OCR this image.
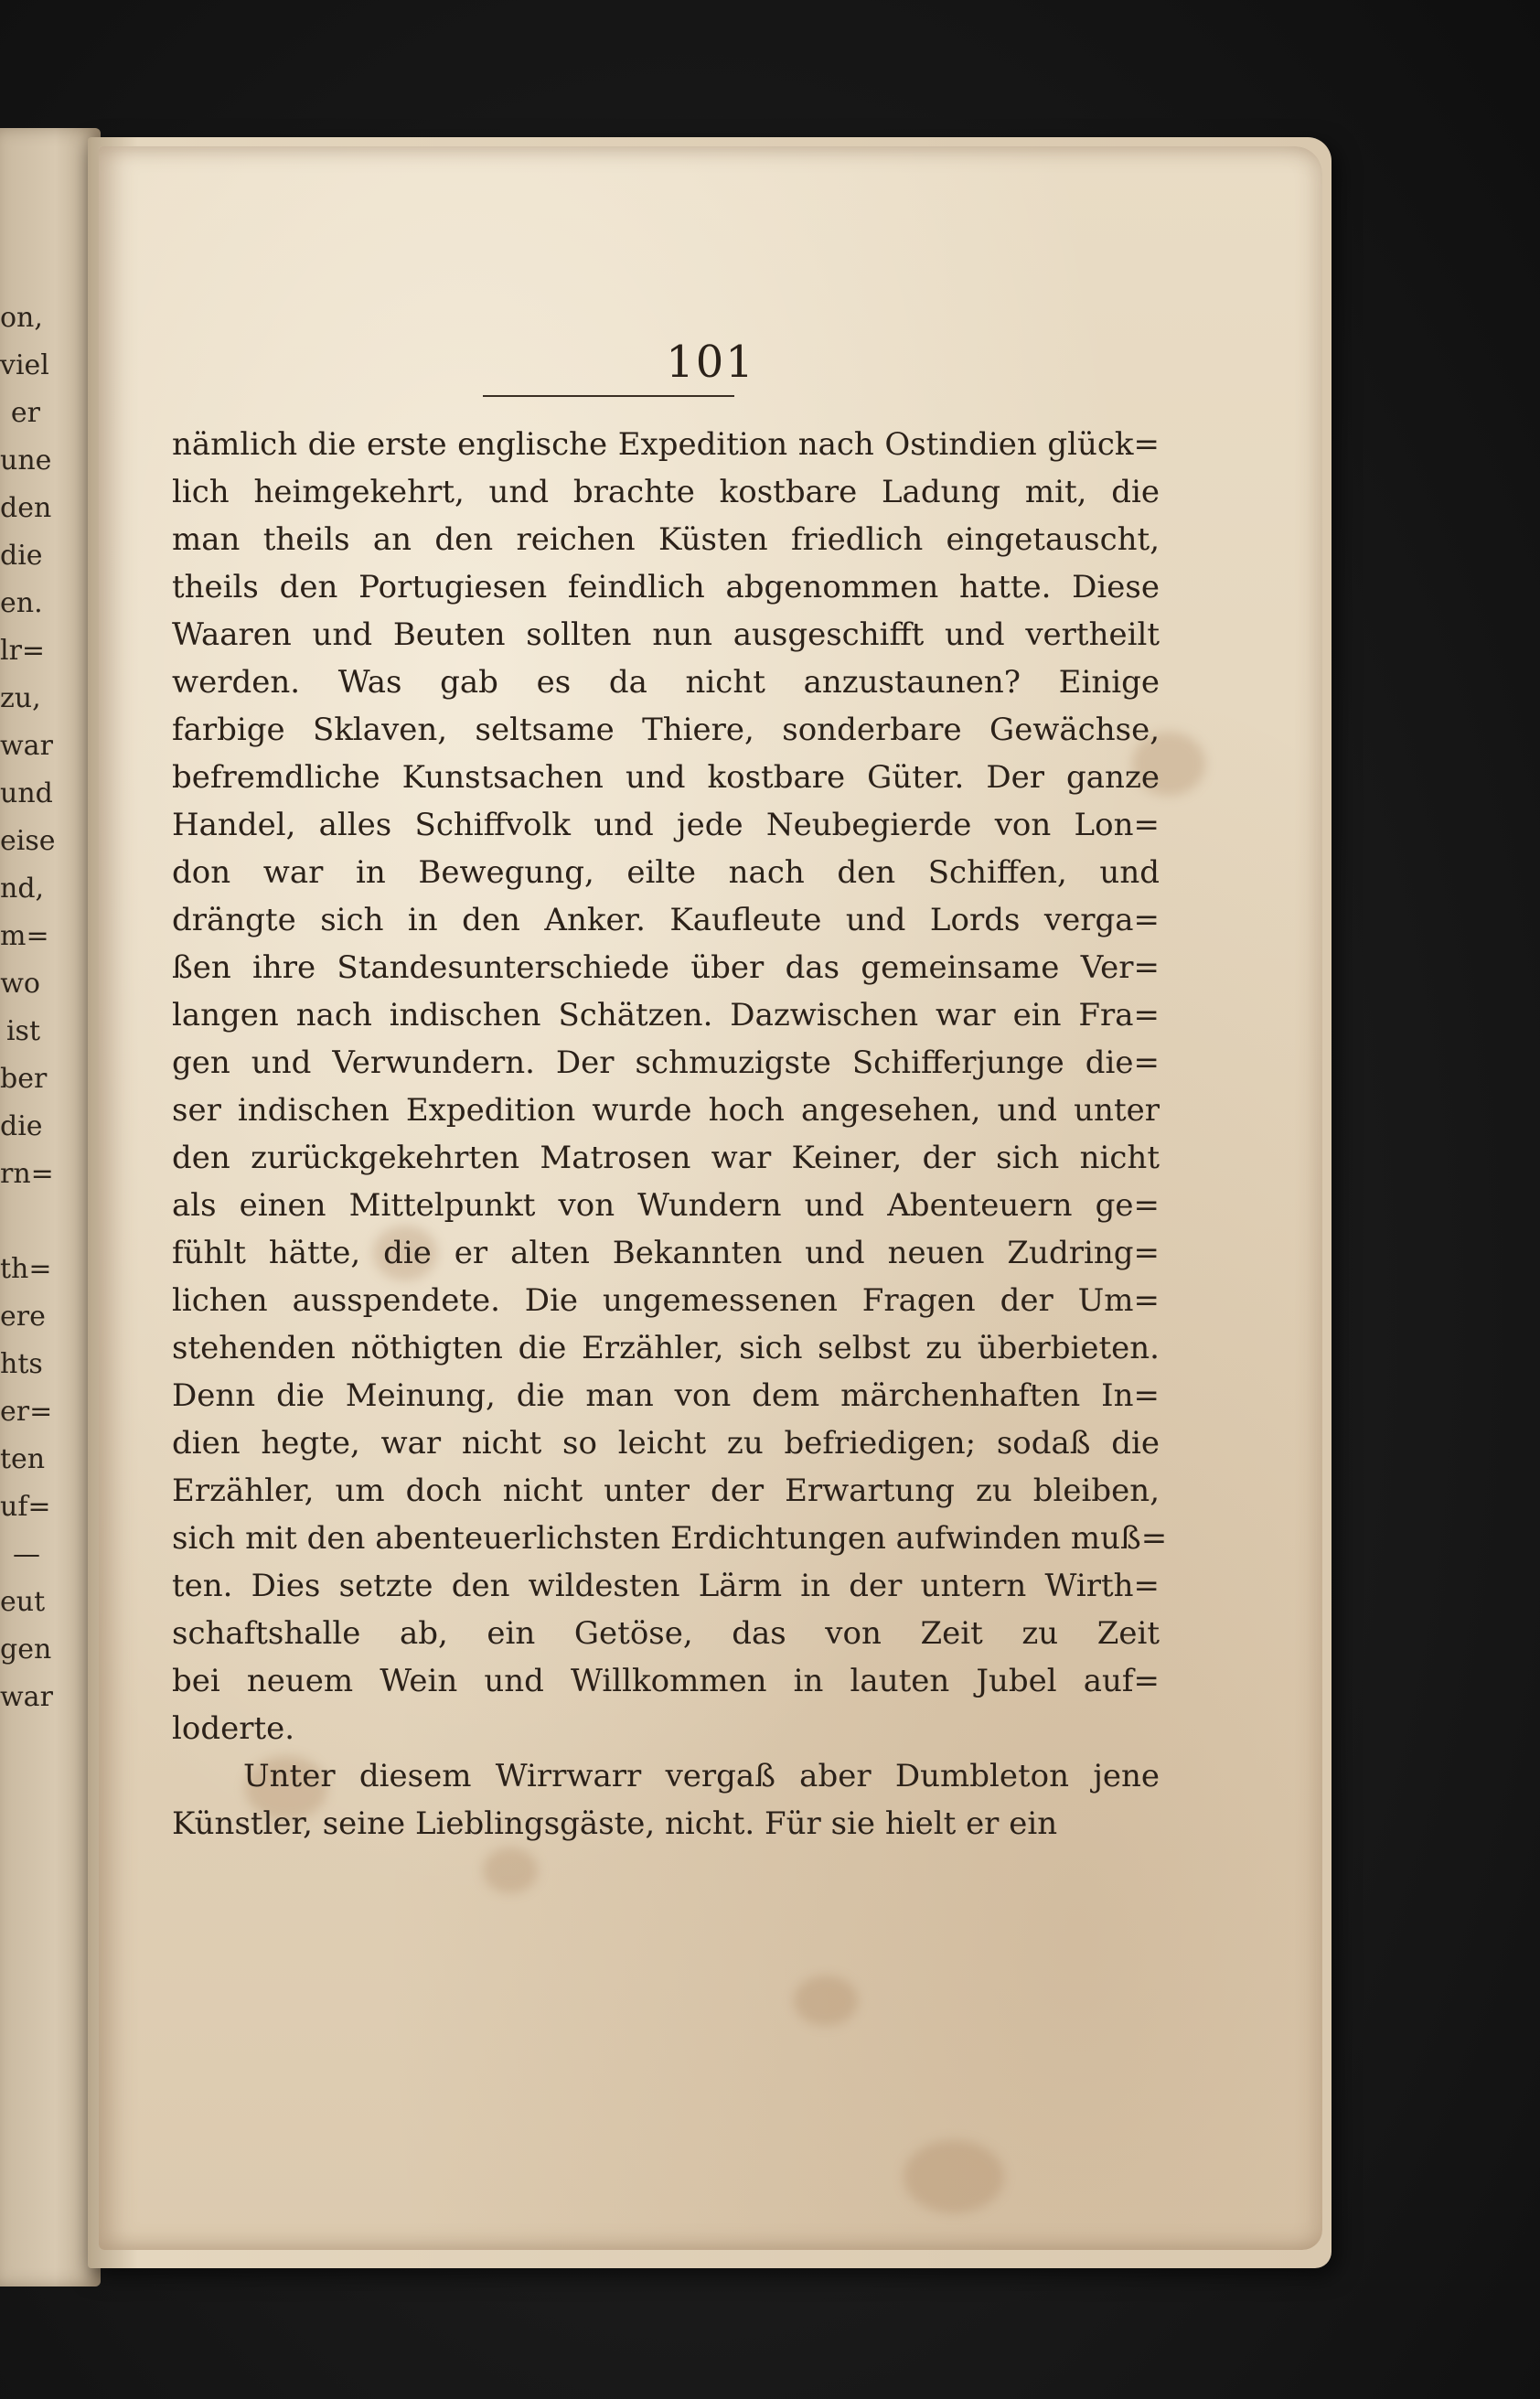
on,
viel
er
une
den
die
en.
lr=
zu,
war
und
eise
nd,
m=
wo
ist
ber
die
rn=
th=
ere
hts
er=
ten
uf=
—
eut
gen
war
101
nämlich die erste englische Expedition nach Ostindien glück=
lich heimgekehrt, und brachte kostbare Ladung mit, die
man theils an den reichen Küsten friedlich eingetauscht,
theils den Portugiesen feindlich abgenommen hatte. Diese
Waaren und Beuten sollten nun ausgeschifft und vertheilt
werden. Was gab es da nicht anzustaunen? Einige
farbige Sklaven, seltsame Thiere, sonderbare Gewächse,
befremdliche Kunstsachen und kostbare Güter. Der ganze
Handel, alles Schiffvolk und jede Neubegierde von Lon=
don war in Bewegung, eilte nach den Schiffen, und
drängte sich in den Anker. Kaufleute und Lords verga=
ßen ihre Standesunterschiede über das gemeinsame Ver=
langen nach indischen Schätzen. Dazwischen war ein Fra=
gen und Verwundern. Der schmuzigste Schifferjunge die=
ser indischen Expedition wurde hoch angesehen, und unter
den zurückgekehrten Matrosen war Keiner, der sich nicht
als einen Mittelpunkt von Wundern und Abenteuern ge=
fühlt hätte, die er alten Bekannten und neuen Zudring=
lichen ausspendete. Die ungemessenen Fragen der Um=
stehenden nöthigten die Erzähler, sich selbst zu überbieten.
Denn die Meinung, die man von dem märchenhaften In=
dien hegte, war nicht so leicht zu befriedigen; sodaß die
Erzähler, um doch nicht unter der Erwartung zu bleiben,
sich mit den abenteuerlichsten Erdichtungen aufwinden muß=
ten. Dies setzte den wildesten Lärm in der untern Wirth=
schaftshalle ab, ein Getöse, das von Zeit zu Zeit
bei neuem Wein und Willkommen in lauten Jubel auf=
loderte.
Unter diesem Wirrwarr vergaß aber Dumbleton jene
Künstler, seine Lieblingsgäste, nicht. Für sie hielt er ein
